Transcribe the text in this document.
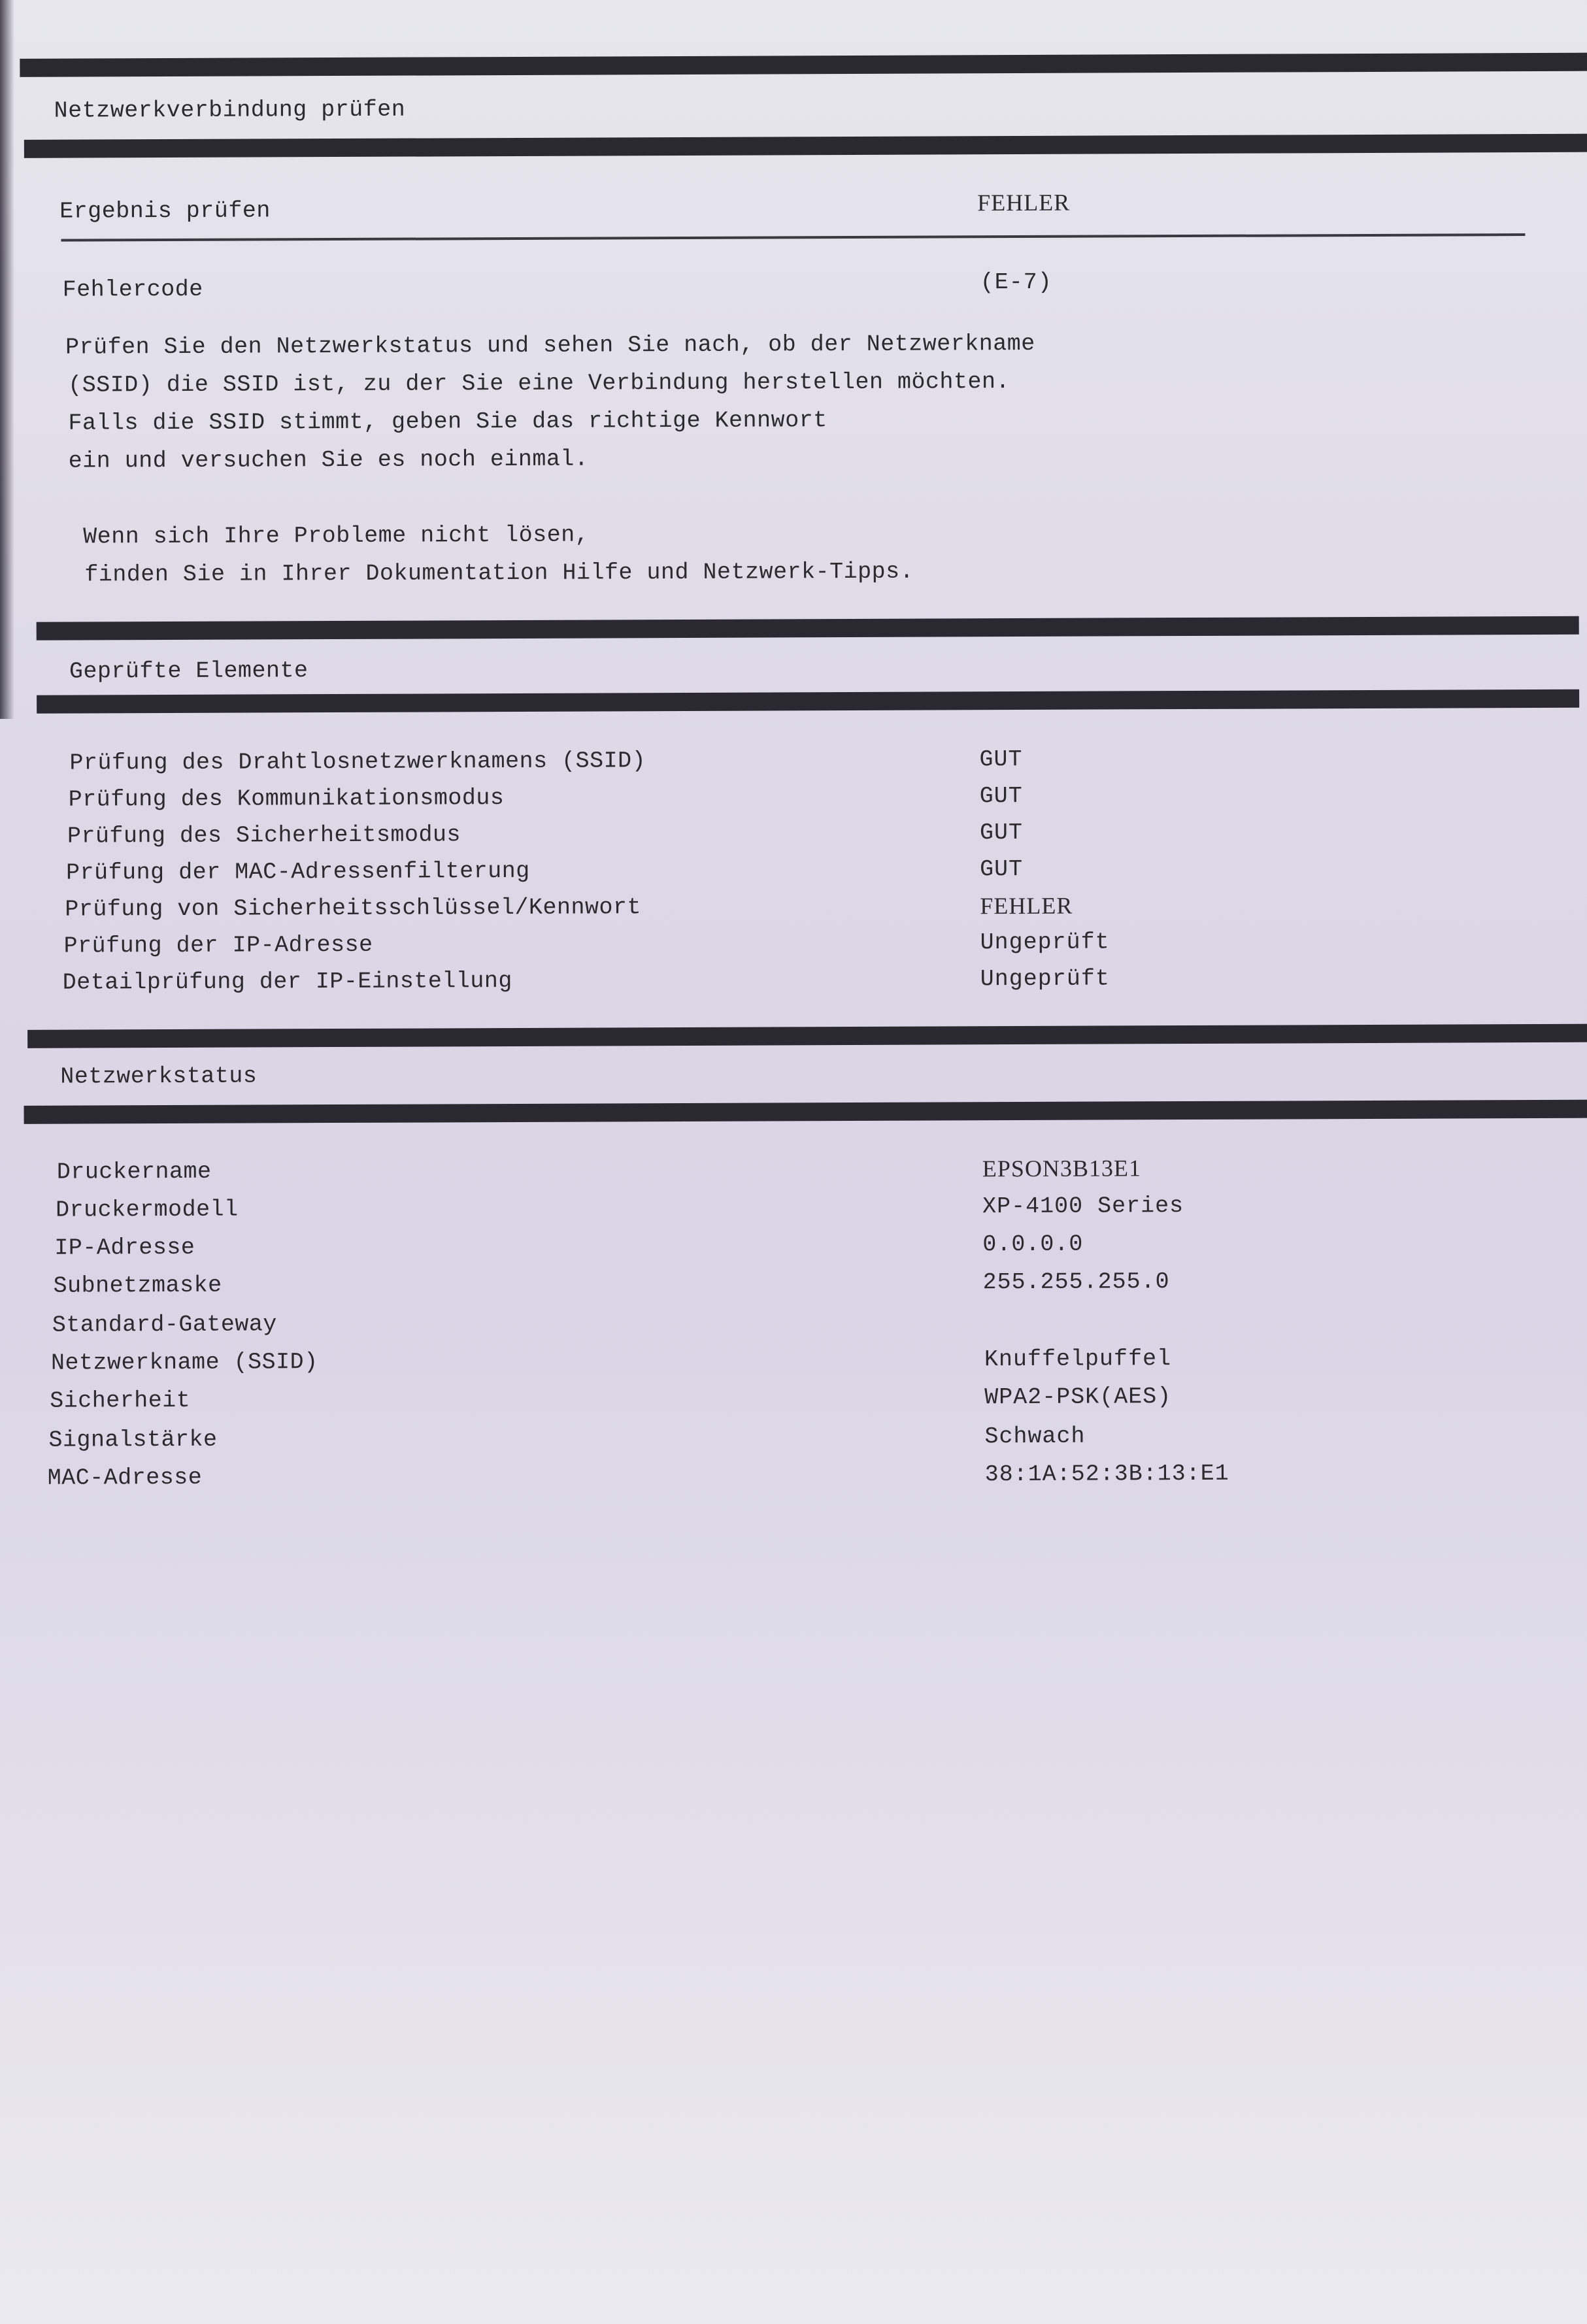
Netzwerkverbindung prüfen
Ergebnis prüfen	FEHLER
Fehlercode	(E-7)
Prüfen Sie den Netzwerkstatus und sehen Sie nach, ob der Netzwerkname
(SSID) die SSID ist, zu der Sie eine Verbindung herstellen möchten.
Falls die SSID stimmt, geben Sie das richtige Kennwort
ein und versuchen Sie es noch einmal.
Wenn sich Ihre Probleme nicht lösen,
finden Sie in Ihrer Dokumentation Hilfe und Netzwerk-Tipps.
Geprüfte Elemente
Prüfung des Drahtlosnetzwerknamens (SSID)	GUT
Prüfung des Kommunikationsmodus	GUT
Prüfung des Sicherheitsmodus	GUT
Prüfung der MAC-Adressenfilterung	GUT
Prüfung von Sicherheitsschlüssel/Kennwort	FEHLER
Prüfung der IP-Adresse	Ungeprüft
Detailprüfung der IP-Einstellung	Ungeprüft
Netzwerkstatus
Druckername	EPSON3B13E1
Druckermodell	XP-4100 Series
IP-Adresse	0.0.0.0
Subnetzmaske	255.255.255.0
Standard-Gateway
Netzwerkname (SSID)	Knuffelpuffel
Sicherheit	WPA2-PSK(AES)
Signalstärke	Schwach
MAC-Adresse	38:1A:52:3B:13:E1
